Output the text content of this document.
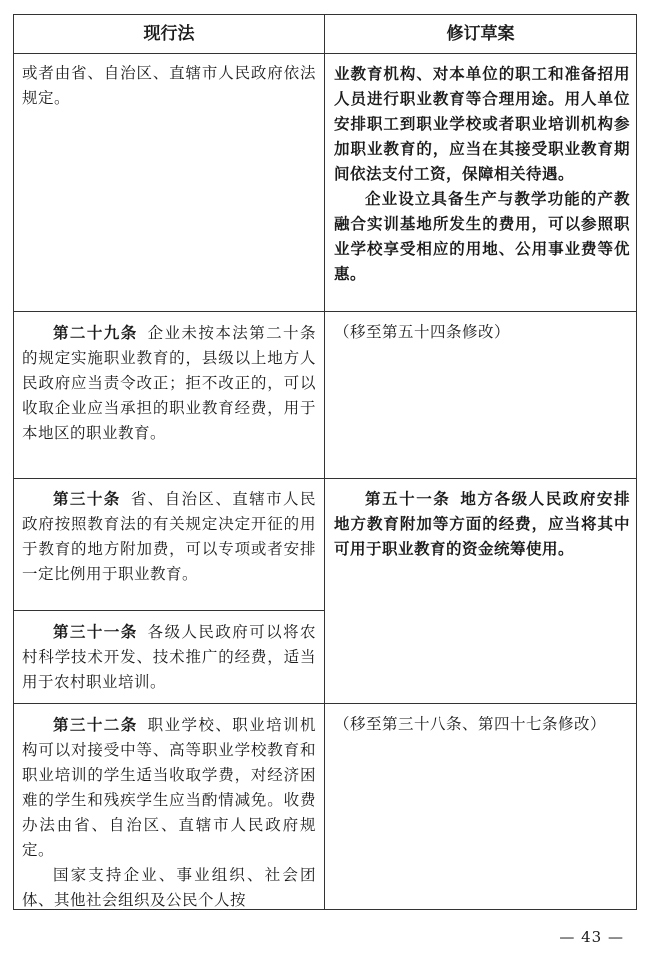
现行法	修订草案

或者由省、自治区、直辖市人民政府依法规定。

业教育机构、对本单位的职工和准备招用人员进行职业教育等合理用途。用人单位安排职工到职业学校或者职业培训机构参加职业教育的，应当在其接受职业教育期间依法支付工资，保障相关待遇。

企业设立具备生产与教学功能的产教融合实训基地所发生的费用，可以参照职业学校享受相应的用地、公用事业费等优惠。

第二十九条 企业未按本法第二十条的规定实施职业教育的，县级以上地方人民政府应当责令改正；拒不改正的，可以收取企业应当承担的职业教育经费，用于本地区的职业教育。

（移至第五十四条修改）

第三十条 省、自治区、直辖市人民政府按照教育法的有关规定决定开征的用于教育的地方附加费，可以专项或者安排一定比例用于职业教育。

第五十一条 地方各级人民政府安排地方教育附加等方面的经费，应当将其中可用于职业教育的资金统筹使用。

第三十一条 各级人民政府可以将农村科学技术开发、技术推广的经费，适当用于农村职业培训。

第三十二条 职业学校、职业培训机构可以对接受中等、高等职业学校教育和职业培训的学生适当收取学费，对经济困难的学生和残疾学生应当酌情减免。收费办法由省、自治区、直辖市人民政府规定。

国家支持企业、事业组织、社会团体、其他社会组织及公民个人按

（移至第三十八条、第四十七条修改）

— 43 —
